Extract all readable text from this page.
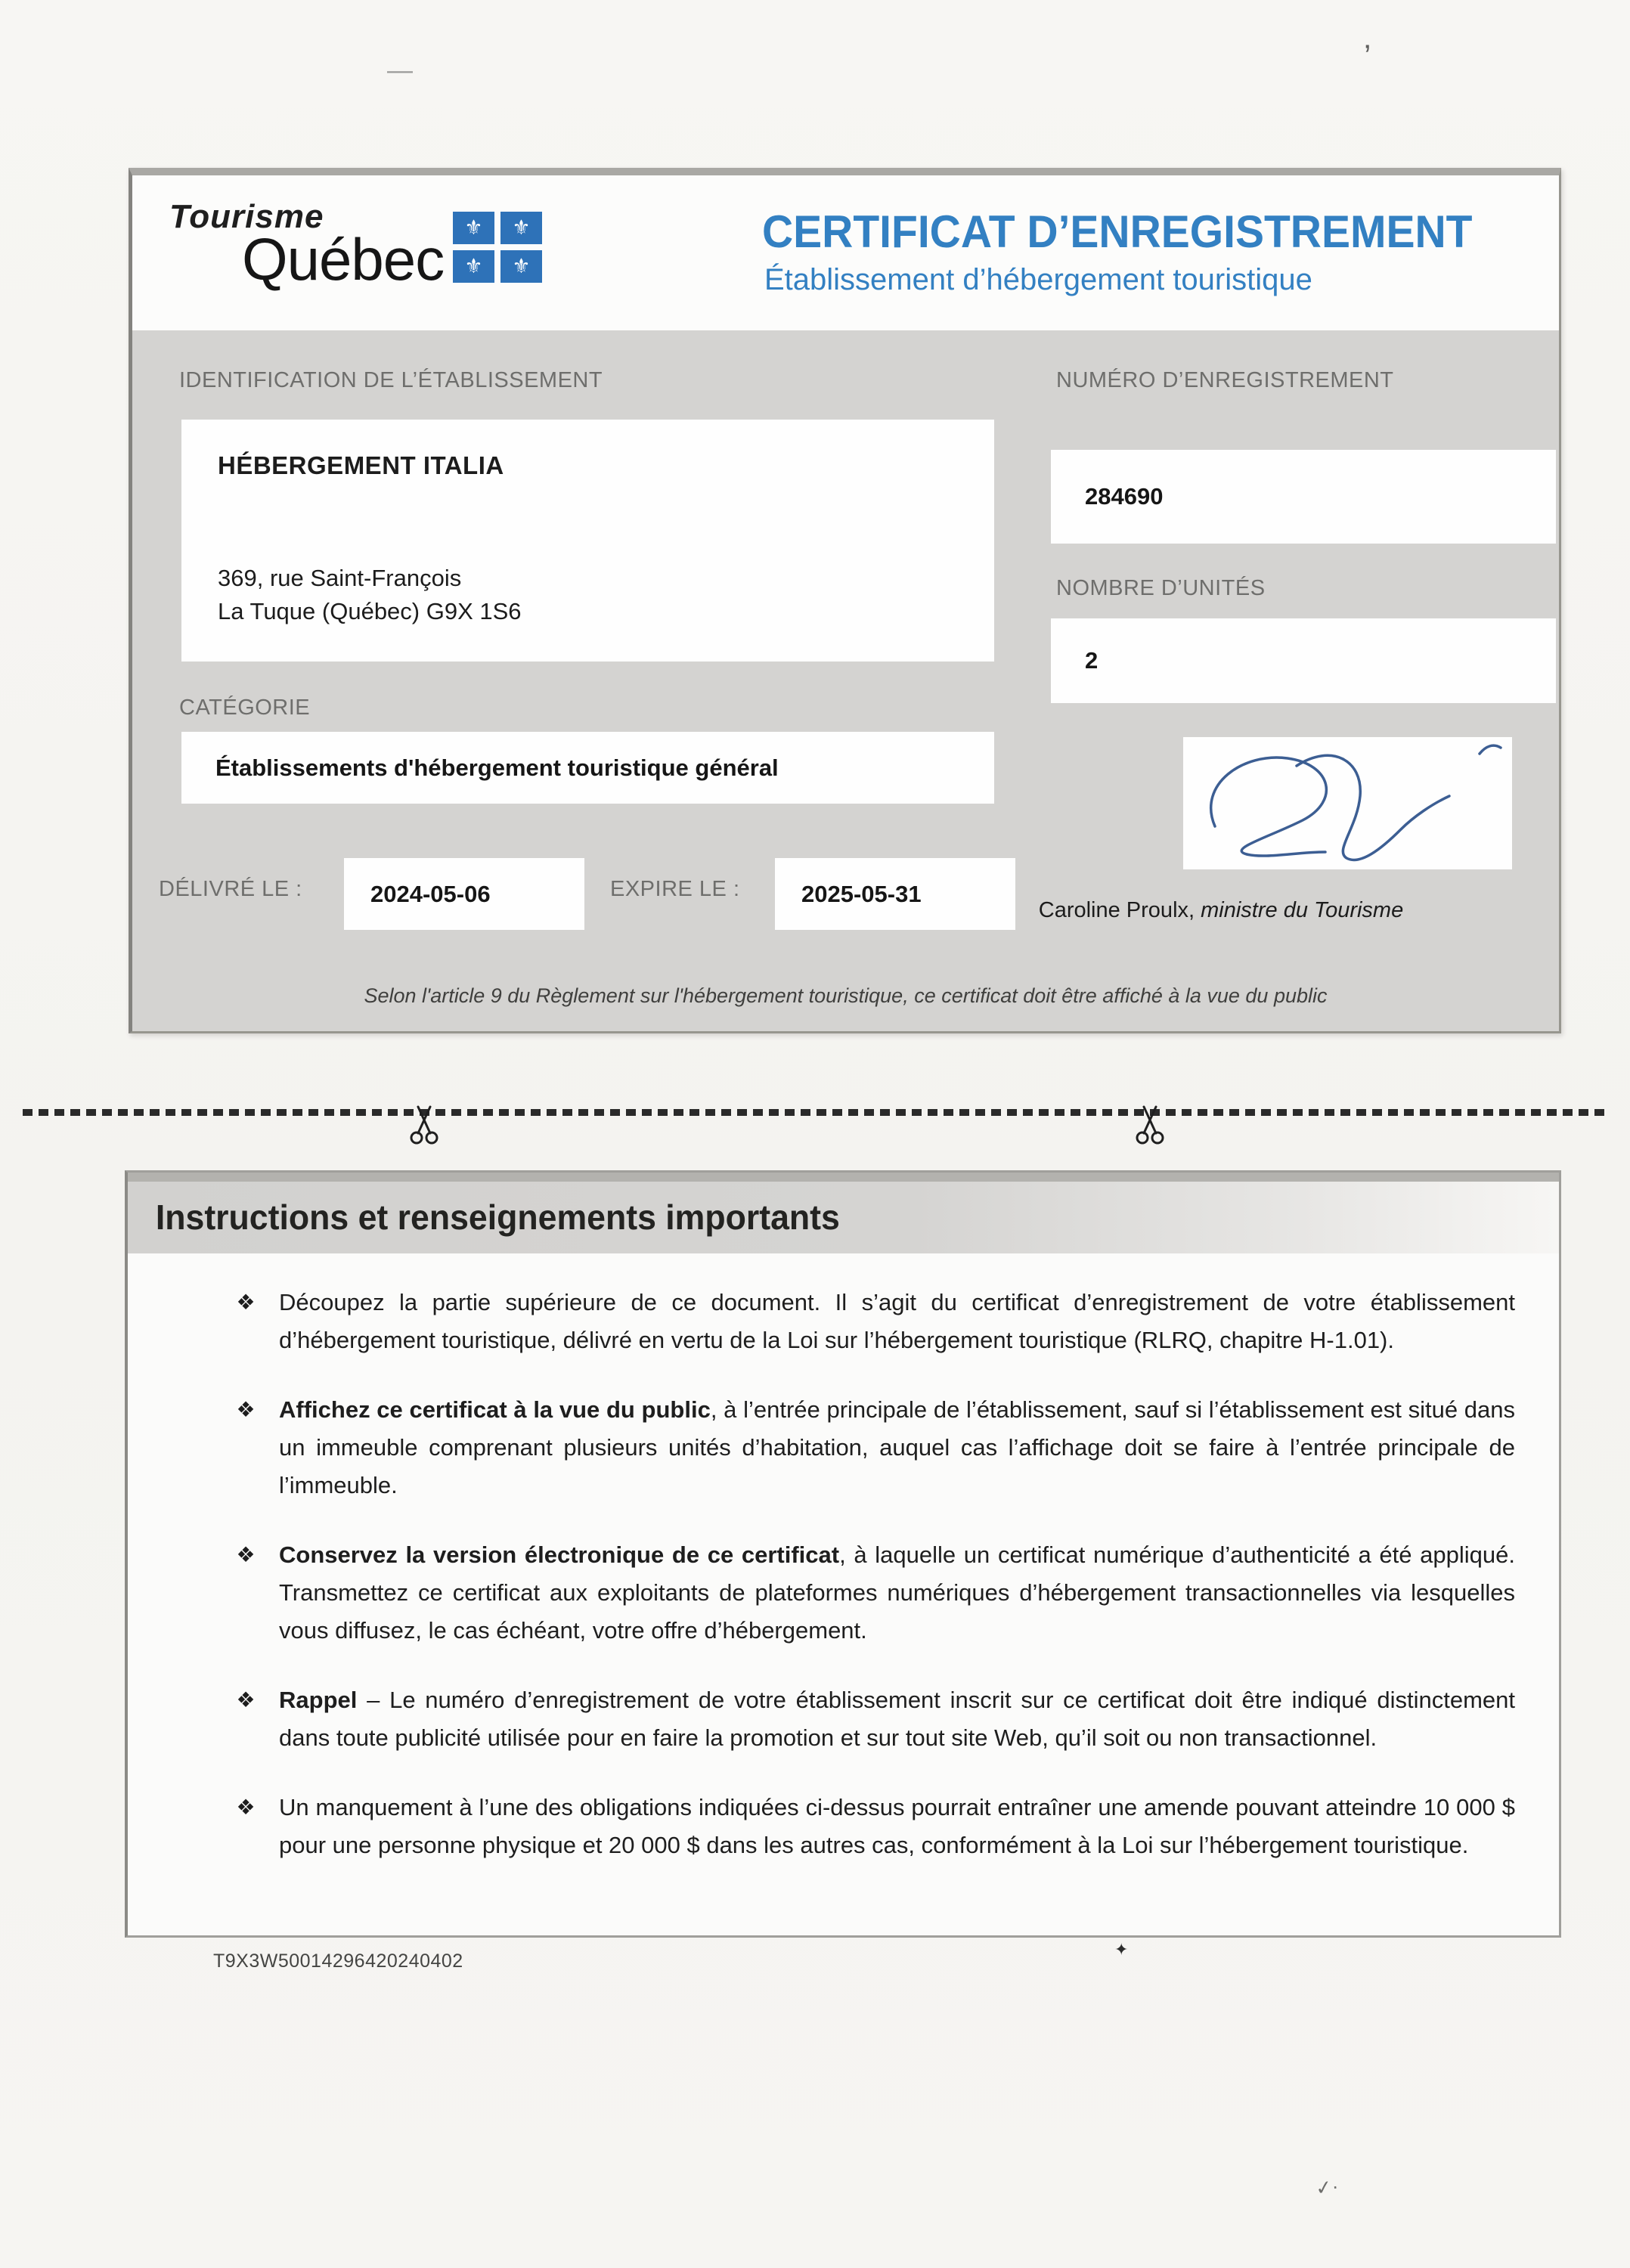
—	’
Tourisme
Québec	⚜	⚜
⚜	⚜
CERTIFICAT D’ENREGISTREMENT
Établissement d’hébergement touristique
IDENTIFICATION DE L’ÉTABLISSEMENT
HÉBERGEMENT ITALIA
369, rue Saint-François
La Tuque (Québec) G9X 1S6
NUMÉRO D’ENREGISTREMENT
284690
NOMBRE D’UNITÉS
2
CATÉGORIE
Établissements d'hébergement touristique général
Caroline Proulx, ministre du Tourisme
DÉLIVRÉ LE :	2024-05-06	EXPIRE LE :	2025-05-31
Selon l'article 9 du Règlement sur l'hébergement touristique, ce certificat doit être affiché à la vue du public
Instructions et renseignements importants
❖ Découpez la partie supérieure de ce document. Il s’agit du certificat d’enregistrement de votre établissement d’hébergement touristique, délivré en vertu de la Loi sur l’hébergement touristique (RLRQ, chapitre H-1.01).

❖ Affichez ce certificat à la vue du public, à l’entrée principale de l’établissement, sauf si l’établissement est situé dans un immeuble comprenant plusieurs unités d’habitation, auquel cas l’affichage doit se faire à l’entrée principale de l’immeuble.

❖ Conservez la version électronique de ce certificat, à laquelle un certificat numérique d’authenticité a été appliqué. Transmettez ce certificat aux exploitants de plateformes numériques d’hébergement transactionnelles via lesquelles vous diffusez, le cas échéant, votre offre d’hébergement.

❖ Rappel – Le numéro d’enregistrement de votre établissement inscrit sur ce certificat doit être indiqué distinctement dans toute publicité utilisée pour en faire la promotion et sur tout site Web, qu’il soit ou non transactionnel.

❖ Un manquement à l’une des obligations indiquées ci-dessus pourrait entraîner une amende pouvant atteindre 10 000 $ pour une personne physique et 20 000 $ dans les autres cas, conformément à la Loi sur l’hébergement touristique.

T9X3W50014296420240402
✦
✓·
